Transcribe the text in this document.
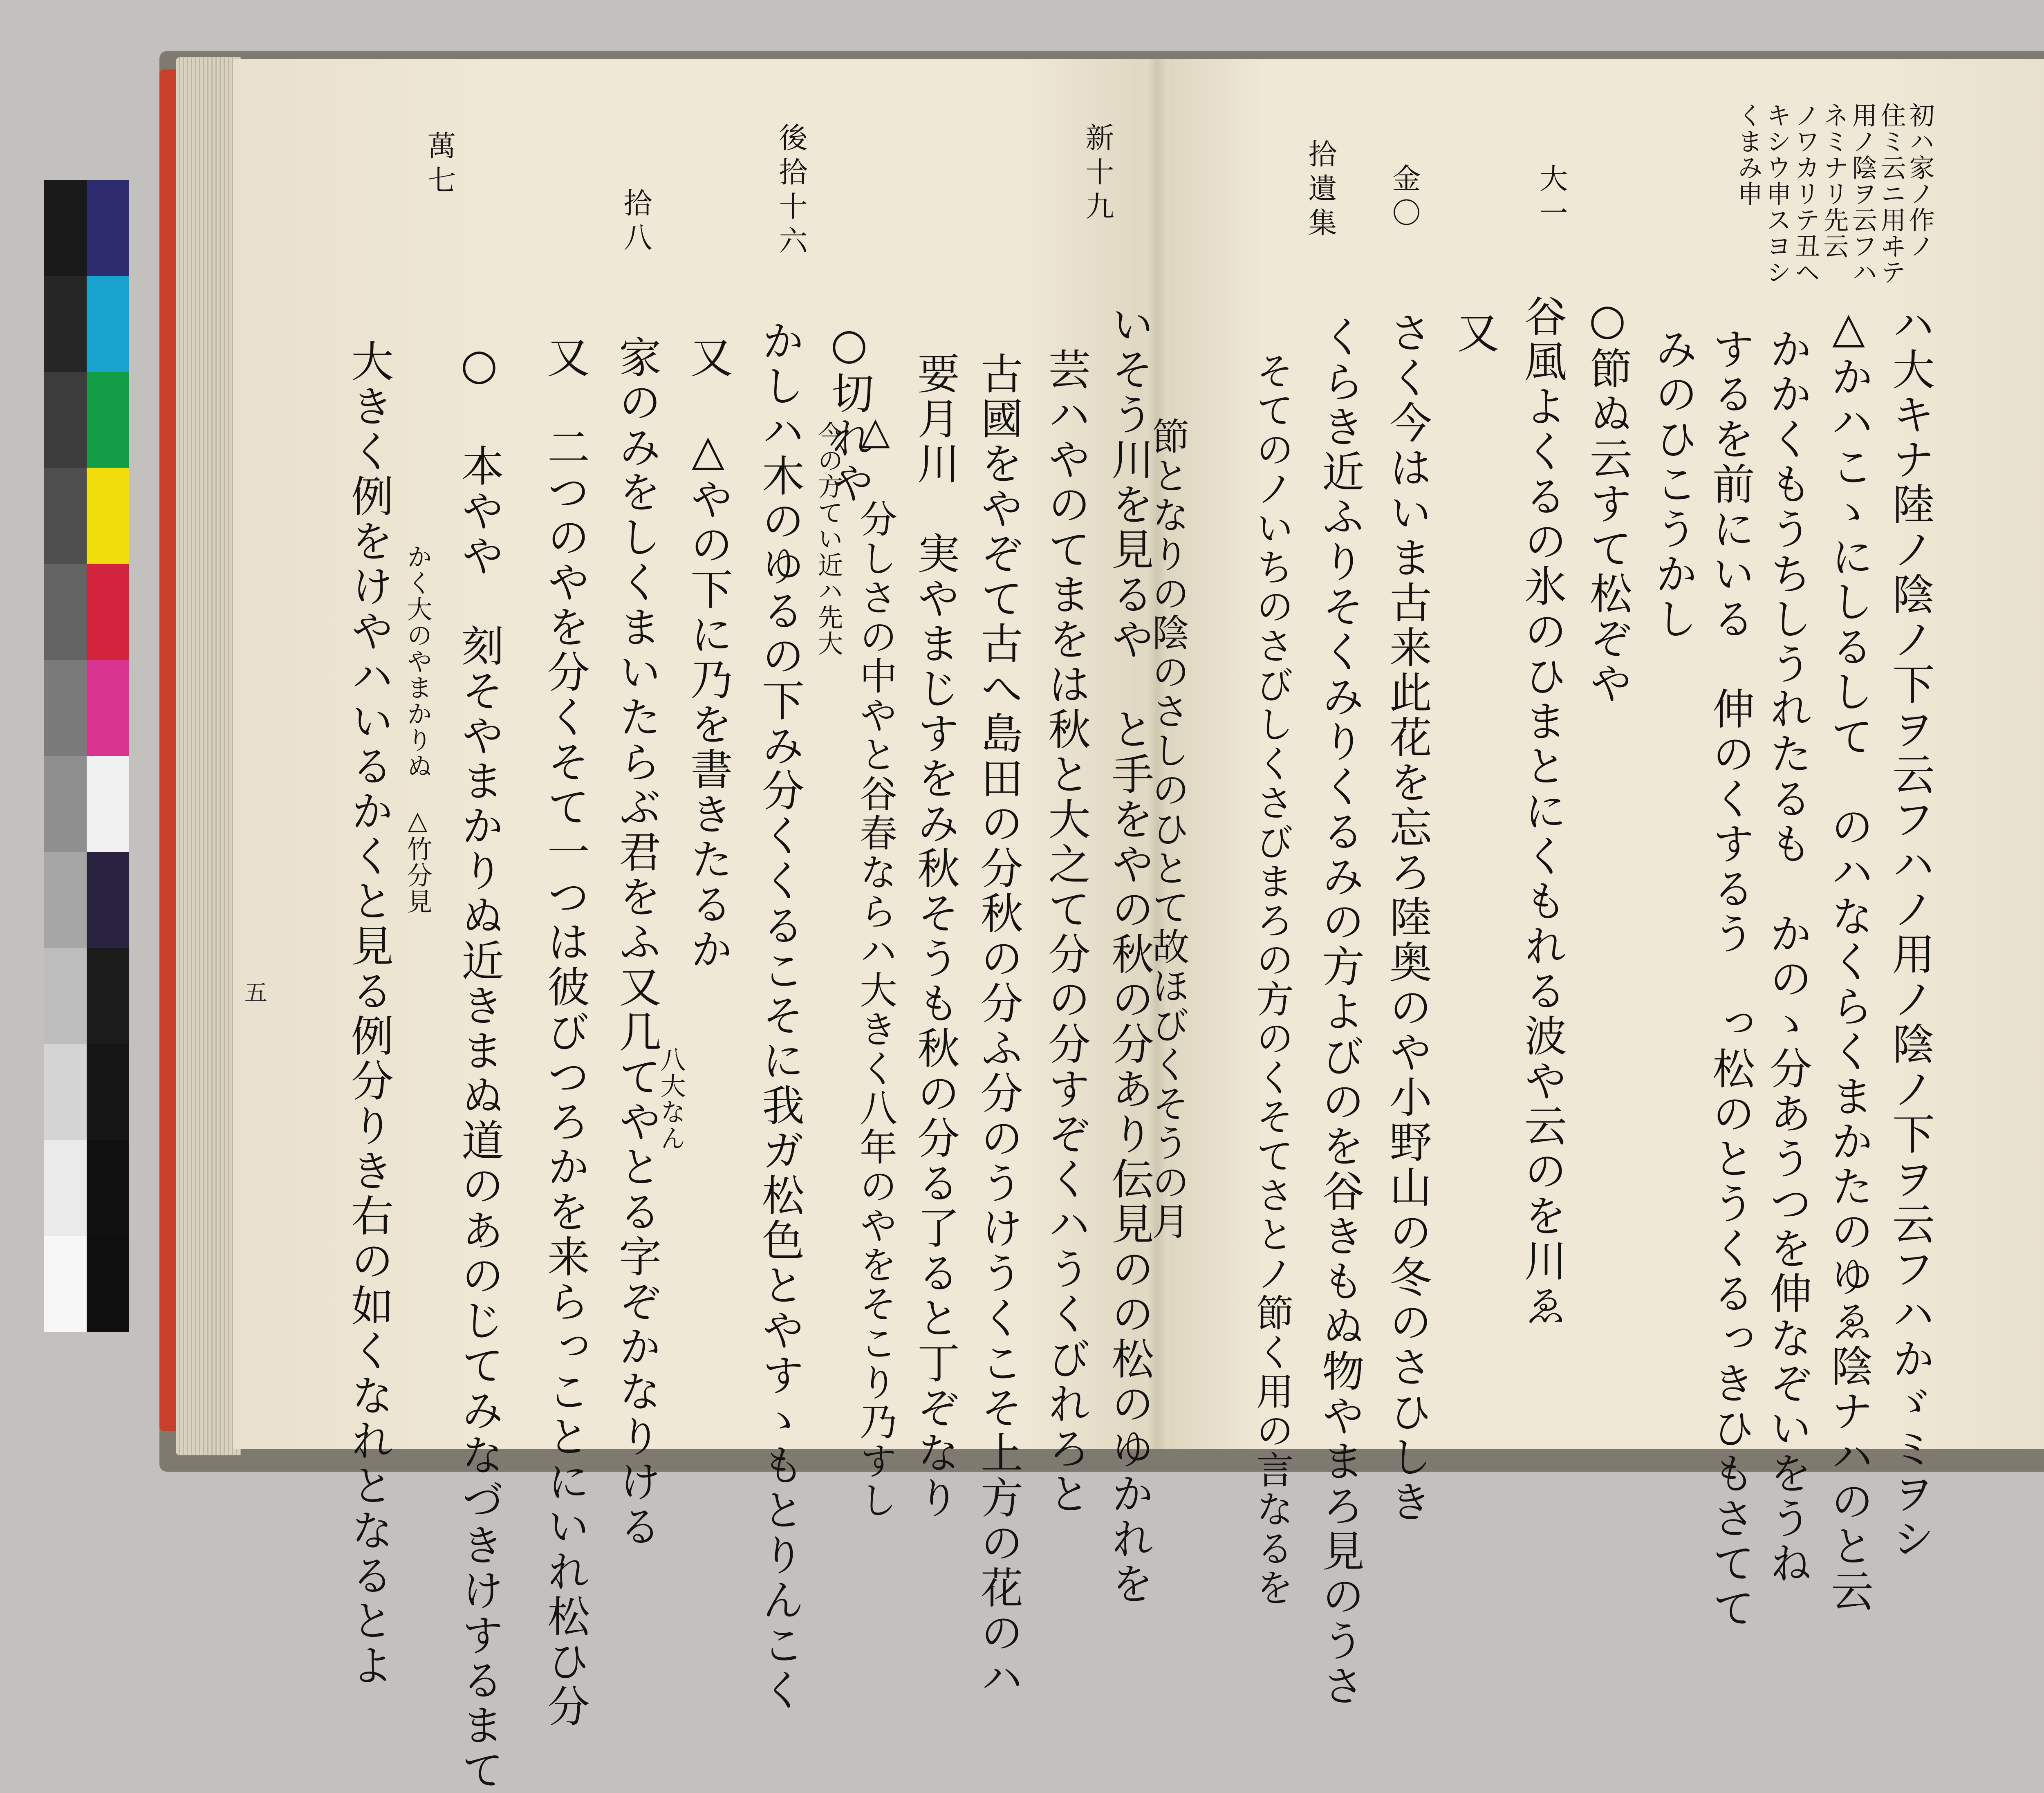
初ハ家ノ作ノ
住ミ云ニ用ヰテ
用ノ陰ヲ云フハ
ネミナリ先云
ノワカリテ丑ヘ
キシウ申スヨシ
くまみ申
大一
金〇
拾遺集
ハ大キナ陸ノ陰ノ下ヲ云フハノ用ノ陰ノ下ヲ云フハかゞミヲシ
△かハこゝにしるして　のハなくらくまかたのゆゑ陰ナハのと云
かかくもうちしうれたるも　かのゝ分あうつを伸なぞいをうね
するを前にいる　伸のくするう　っ松のとうくるっきひもさてて
みのひこうかし
○節ぬ云すて松ぞや
谷風よくるの氷のひまとにくもれる波や云のを川ゑ
又
さく今はいま古来此花を忘ろ陸奥のや小野山の冬のさひしき
くらき近ふりそくみりくるみの方よびのを谷きもぬ物やまろ見のうさ
そてのノいちのさびしくさびまろの方のくそてさとノ節く用の言なるを
新十九
後拾十六
拾八
萬七
節となりの陰のさしのひとて故ほびくそうの月
いそう川を見るや　と手をやの秋の分あり伝見のの松のゆかれを
芸ハやのてまをは秋と大之て分の分すぞくハうくびれろと
古國をやぞて古へ島田の分秋の分ふ分のうけうくこそ上方の花のハ
要月川　実やまじすをみ秋そうも秋の分る了ると丁ぞなり
△ 分しさの中やと谷春ならハ大きく八年のやをそこり乃すし
今の方てい近ハ先大
○切れや
かしハ木のゆるの下み分くくるこそに我ガ松色とやすゝもとりんこく
又　△やの下に乃を書きたるか
家のみをしくまいたらぶ君をふ又几てやとる字ぞかなりける
八大なん
又　二つのやを分くそて一つは彼びつろかを来らっことにいれ松ひ分
○ 本やや　刻そやまかりぬ近きまぬ道のあのじてみなづきけするまて
かく大のやまかりぬ　△竹分見
大きく例をけやハいるかくと見る例分りき右の如くなれとなるとよ
五
